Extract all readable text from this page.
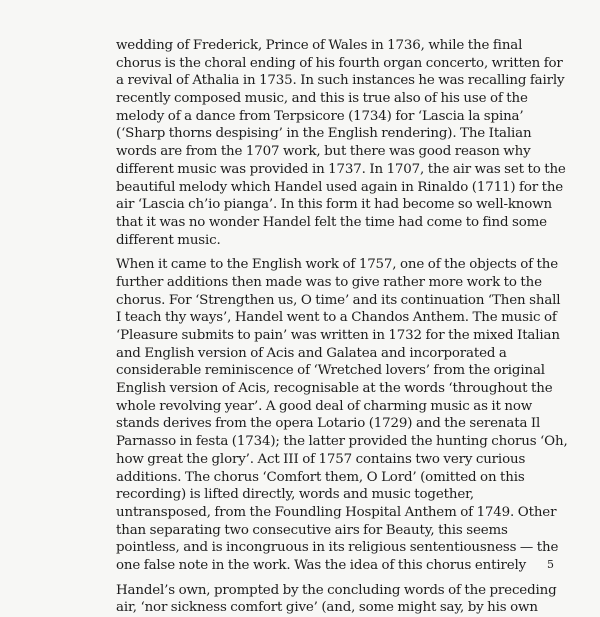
wedding of Frederick, Prince of Wales in 1736, while the final
chorus is the choral ending of his fourth organ concerto, written for
a revival of Athalia in 1735. In such instances he was recalling fairly
recently composed music, and this is true also of his use of the
melody of a dance from Terpsicore (1734) for ‘Lascia la spina’
(‘Sharp thorns despising’ in the English rendering). The Italian
words are from the 1707 work, but there was good reason why
different music was provided in 1737. In 1707, the air was set to the
beautiful melody which Handel used again in Rinaldo (1711) for the
air ‘Lascia ch’io pianga’. In this form it had become so well-known
that it was no wonder Handel felt the time had come to find some
different music.
When it came to the English work of 1757, one of the objects of the
further additions then made was to give rather more work to the
chorus. For ‘Strengthen us, O time’ and its continuation ‘Then shall
I teach thy ways’, Handel went to a Chandos Anthem. The music of
‘Pleasure submits to pain’ was written in 1732 for the mixed Italian
and English version of Acis and Galatea and incorporated a
considerable reminiscence of ‘Wretched lovers’ from the original
English version of Acis, recognisable at the words ‘throughout the
whole revolving year’. A good deal of charming music as it now
stands derives from the opera Lotario (1729) and the serenata Il
Parnasso in festa (1734); the latter provided the hunting chorus ‘Oh,
how great the glory’. Act III of 1757 contains two very curious
additions. The chorus ‘Comfort them, O Lord’ (omitted on this
recording) is lifted directly, words and music together,
untransposed, from the Foundling Hospital Anthem of 1749. Other
than separating two consecutive airs for Beauty, this seems
pointless, and is incongruous in its religious sententiousness — the
one false note in the work. Was the idea of this chorus entirely
Handel’s own, prompted by the concluding words of the preceding
air, ‘nor sickness comfort give’ (and, some might say, by his own
5
